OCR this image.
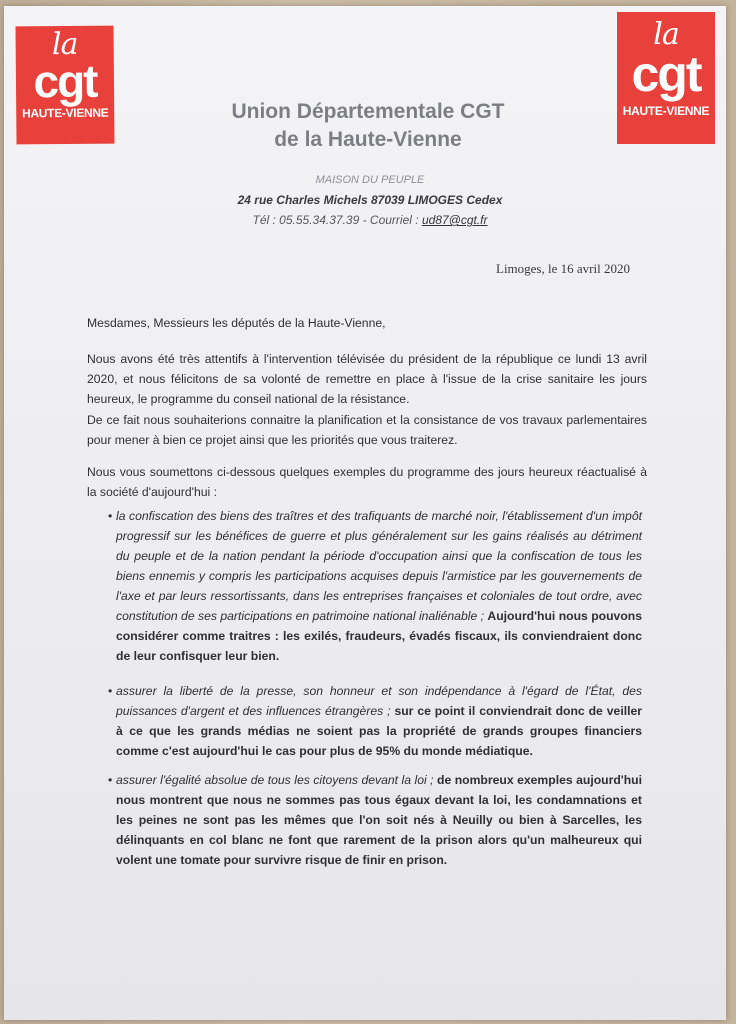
la
cgt
HAUTE-VIENNE
la
cgt
HAUTE-VIENNE
Union Départementale CGT
de la Haute-Vienne
MAISON DU PEUPLE
24 rue Charles Michels 87039 LIMOGES Cedex
Tél : 05.55.34.37.39 - Courriel : ud87@cgt.fr
Limoges, le 16 avril 2020
Mesdames, Messieurs les députés de la Haute-Vienne,
Nous avons été très attentifs à l'intervention télévisée du président de la république ce lundi 13 avril 2020, et nous félicitons de sa volonté de remettre en place à l'issue de la crise sanitaire les jours heureux, le programme du conseil national de la résistance.
De ce fait nous souhaiterions connaitre la planification et la consistance de vos travaux parlementaires pour mener à bien ce projet ainsi que les priorités que vous traiterez.
Nous vous soumettons ci-dessous quelques exemples du programme des jours heureux réactualisé à la société d'aujourd'hui :
• la confiscation des biens des traîtres et des trafiquants de marché noir, l'établissement d'un impôt progressif sur les bénéfices de guerre et plus généralement sur les gains réalisés au détriment du peuple et de la nation pendant la période d'occupation ainsi que la confiscation de tous les biens ennemis y compris les participations acquises depuis l'armistice par les gouvernements de l'axe et par leurs ressortissants, dans les entreprises françaises et coloniales de tout ordre, avec constitution de ses participations en patrimoine national inaliénable ; Aujourd'hui nous pouvons considérer comme traitres : les exilés, fraudeurs, évadés fiscaux, ils conviendraient donc de leur confisquer leur bien.
• assurer la liberté de la presse, son honneur et son indépendance à l'égard de l'État, des puissances d'argent et des influences étrangères ; sur ce point il conviendrait donc de veiller à ce que les grands médias ne soient pas la propriété de grands groupes financiers comme c'est aujourd'hui le cas pour plus de 95% du monde médiatique.
• assurer l'égalité absolue de tous les citoyens devant la loi ; de nombreux exemples aujourd'hui nous montrent que nous ne sommes pas tous égaux devant la loi, les condamnations et les peines ne sont pas les mêmes que l'on soit nés à Neuilly ou bien à Sarcelles, les délinquants en col blanc ne font que rarement de la prison alors qu'un malheureux qui volent une tomate pour survivre risque de finir en prison.
